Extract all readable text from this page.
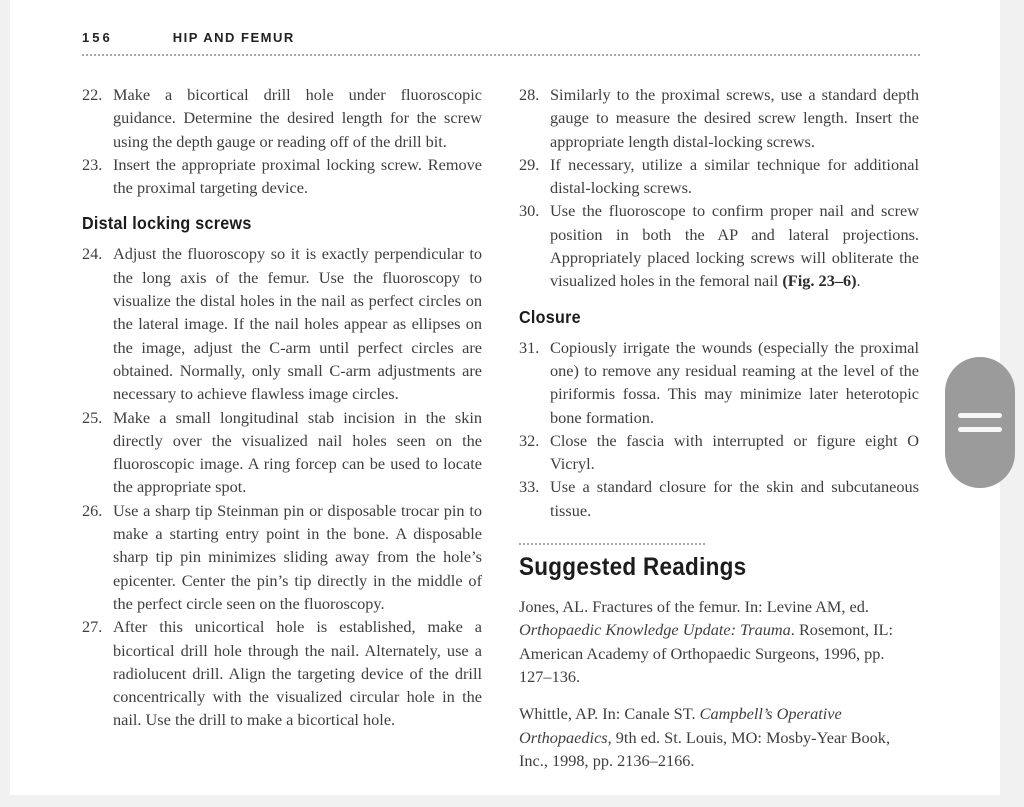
156	HIP AND FEMUR
22. Make a bicortical drill hole under fluoroscopic guidance. Determine the desired length for the screw using the depth gauge or reading off of the drill bit.
23. Insert the appropriate proximal locking screw. Remove the proximal targeting device.
Distal locking screws
24. Adjust the fluoroscopy so it is exactly perpendicular to the long axis of the femur. Use the fluoroscopy to visualize the distal holes in the nail as perfect circles on the lateral image. If the nail holes appear as ellipses on the image, adjust the C-arm until perfect circles are obtained. Normally, only small C-arm adjustments are necessary to achieve flawless image circles.
25. Make a small longitudinal stab incision in the skin directly over the visualized nail holes seen on the fluoroscopic image. A ring forcep can be used to locate the appropriate spot.
26. Use a sharp tip Steinman pin or disposable trocar pin to make a starting entry point in the bone. A disposable sharp tip pin minimizes sliding away from the hole’s epicenter. Center the pin’s tip directly in the middle of the perfect circle seen on the fluoroscopy.
27. After this unicortical hole is established, make a bicortical drill hole through the nail. Alternately, use a radiolucent drill. Align the targeting device of the drill concentrically with the visualized circular hole in the nail. Use the drill to make a bicortical hole.
28. Similarly to the proximal screws, use a standard depth gauge to measure the desired screw length. Insert the appropriate length distal-locking screws.
29. If necessary, utilize a similar technique for additional distal-locking screws.
30. Use the fluoroscope to confirm proper nail and screw position in both the AP and lateral projections. Appropriately placed locking screws will obliterate the visualized holes in the femoral nail (Fig. 23–6).
Closure
31. Copiously irrigate the wounds (especially the proximal one) to remove any residual reaming at the level of the piriformis fossa. This may minimize later heterotopic bone formation.
32. Close the fascia with interrupted or figure eight O Vicryl.
33. Use a standard closure for the skin and subcutaneous tissue.
Suggested Readings

Jones, AL. Fractures of the femur. In: Levine AM, ed. Orthopaedic Knowledge Update: Trauma. Rosemont, IL: American Academy of Orthopaedic Surgeons, 1996, pp. 127–136.

Whittle, AP. In: Canale ST. Campbell’s Operative Orthopaedics, 9th ed. St. Louis, MO: Mosby-Year Book, Inc., 1998, pp. 2136–2166.
